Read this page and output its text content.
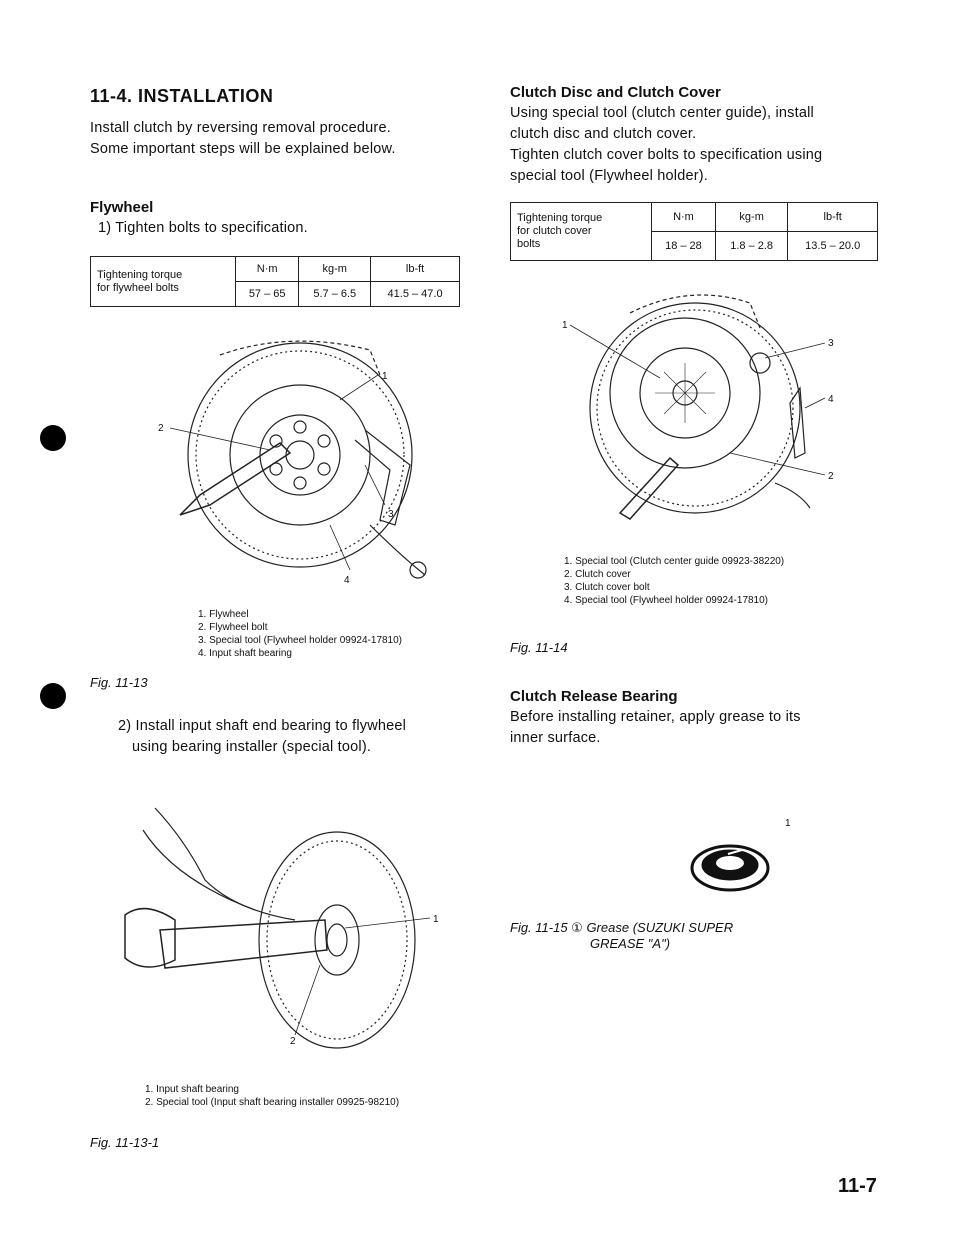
11-4. INSTALLATION
Install clutch by reversing removal procedure.
Some important steps will be explained below.
Flywheel
1) Tighten bolts to specification.
Tightening torque
for flywheel bolts	N·m	kg-m	lb-ft
	57 – 65	5.7 – 6.5	41.5 – 47.0
1
2
3
4
1. Flywheel
2. Flywheel bolt
3. Special tool (Flywheel holder 09924-17810)
4. Input shaft bearing
Fig. 11-13
2) Install input shaft end bearing to flywheel
using bearing installer (special tool).
1
2
1. Input shaft bearing
2. Special tool (Input shaft bearing installer 09925-98210)
Fig. 11-13-1
Clutch Disc and Clutch Cover
Using special tool (clutch center guide), install
clutch disc and clutch cover.
Tighten clutch cover bolts to specification using
special tool (Flywheel holder).
Tightening torque
for clutch cover
bolts	N·m	kg-m	lb-ft
	18 – 28	1.8 – 2.8	13.5 – 20.0
1
3
4
2
1. Special tool (Clutch center guide 09923-38220)
2. Clutch cover
3. Clutch cover bolt
4. Special tool (Flywheel holder 09924-17810)
Fig. 11-14
Clutch Release Bearing
Before installing retainer, apply grease to its
inner surface.
1
Fig. 11-15 ① Grease (SUZUKI SUPER
GREASE "A")
11-7
